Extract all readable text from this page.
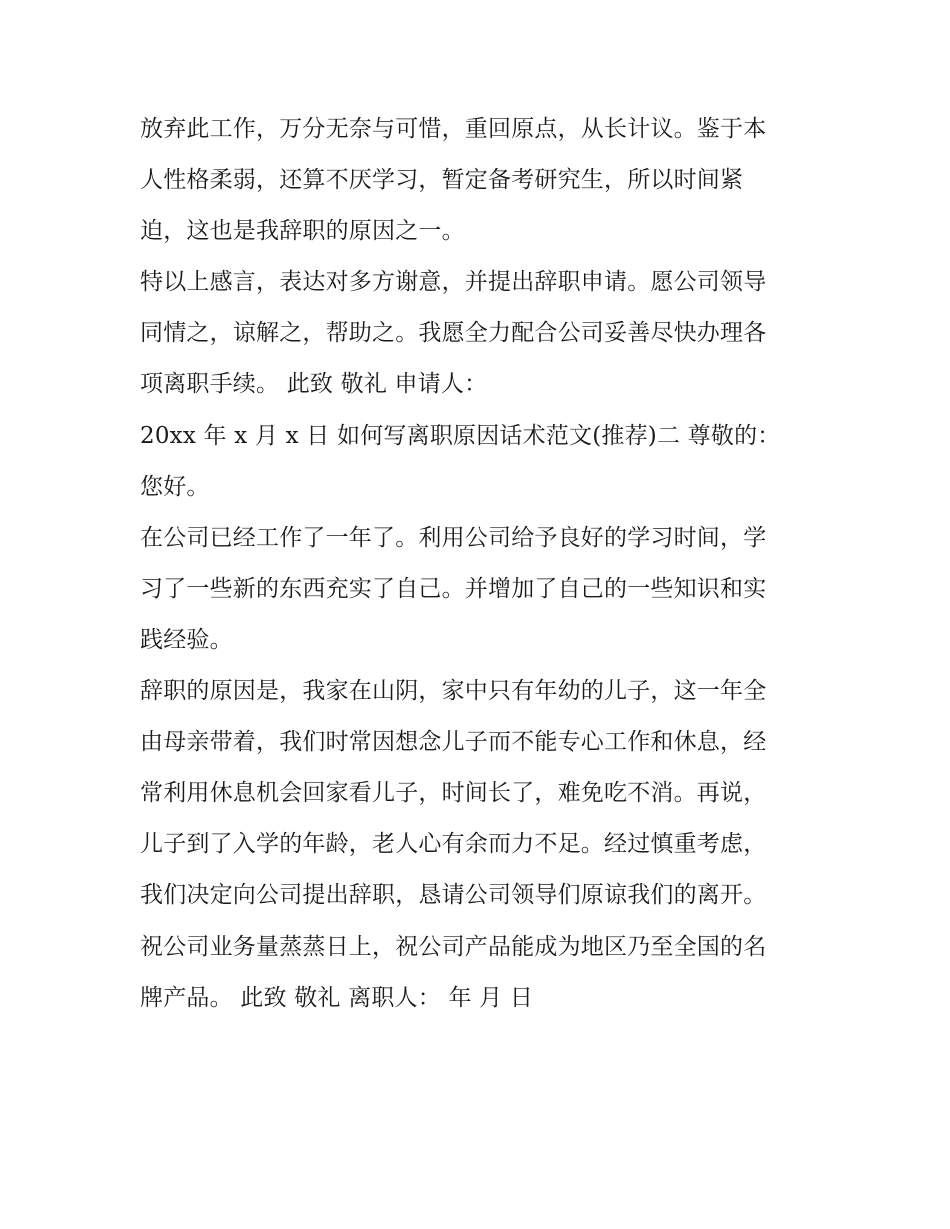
放弃此工作，万分无奈与可惜，重回原点，从长计议。鉴于本
人性格柔弱，还算不厌学习，暂定备考研究生，所以时间紧
迫，这也是我辞职的原因之一。
特以上感言，表达对多方谢意，并提出辞职申请。愿公司领导
同情之，谅解之，帮助之。我愿全力配合公司妥善尽快办理各
项离职手续。 此致 敬礼 申请人：
20xx 年 x 月 x 日 如何写离职原因话术范文(推荐)二 尊敬的：
您好。
在公司已经工作了一年了。利用公司给予良好的学习时间，学
习了一些新的东西充实了自己。并增加了自己的一些知识和实
践经验。
辞职的原因是，我家在山阴，家中只有年幼的儿子，这一年全
由母亲带着，我们时常因想念儿子而不能专心工作和休息，经
常利用休息机会回家看儿子，时间长了，难免吃不消。再说，
儿子到了入学的年龄，老人心有余而力不足。经过慎重考虑，
我们决定向公司提出辞职，恳请公司领导们原谅我们的离开。
祝公司业务量蒸蒸日上，祝公司产品能成为地区乃至全国的名
牌产品。 此致 敬礼 离职人： 年 月 日
